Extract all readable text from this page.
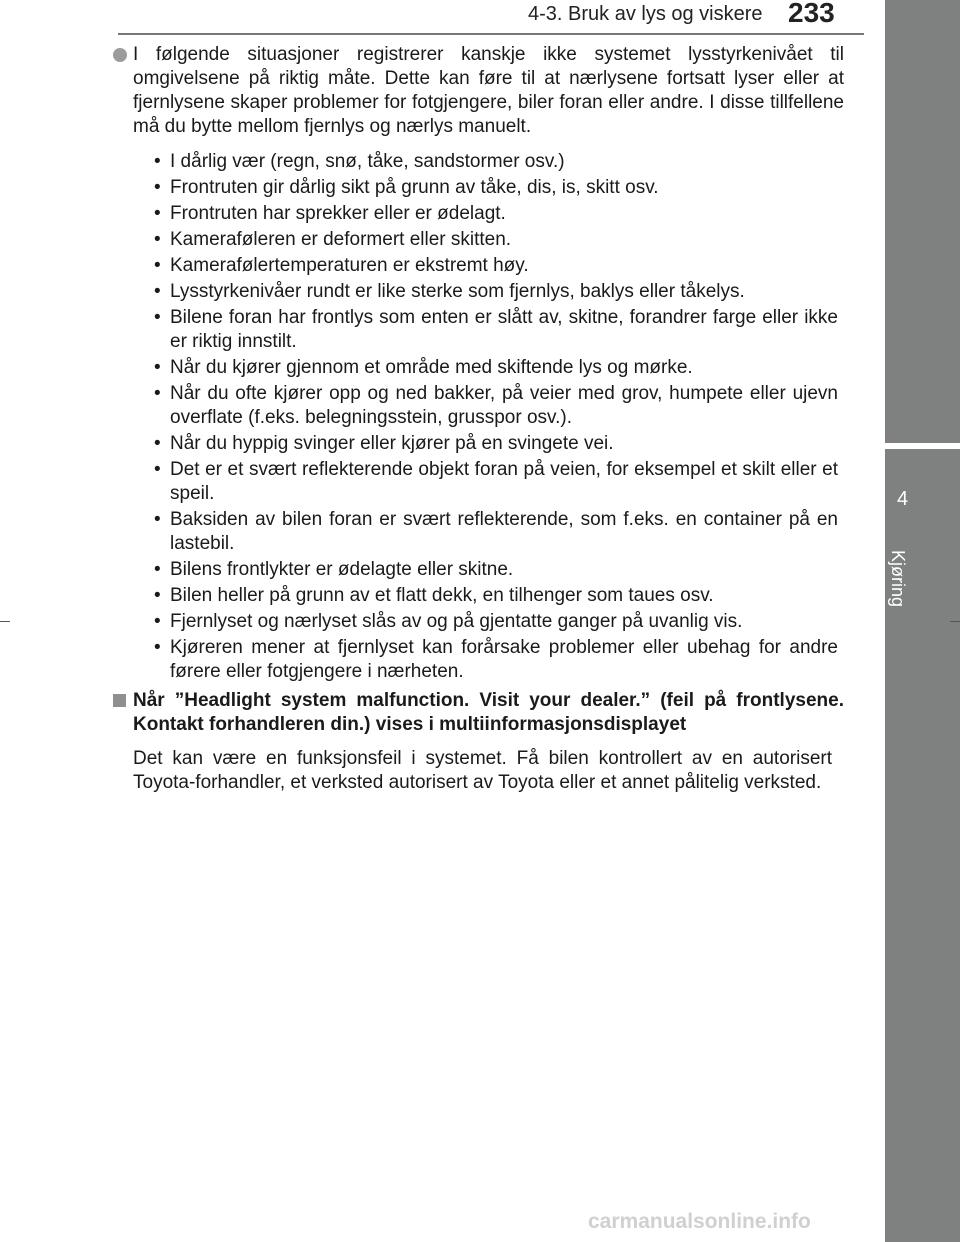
4-3. Bruk av lys og viskere 233
4
Kjøring
I følgende situasjoner registrerer kanskje ikke systemet lysstyrkenivået til omgivelsene på riktig måte. Dette kan føre til at nærlysene fortsatt lyser eller at fjernlysene skaper problemer for fotgjengere, biler foran eller andre. I disse tillfellene må du bytte mellom fjernlys og nærlys manuelt.
• I dårlig vær (regn, snø, tåke, sandstormer osv.)
• Frontruten gir dårlig sikt på grunn av tåke, dis, is, skitt osv.
• Frontruten har sprekker eller er ødelagt.
• Kameraføleren er deformert eller skitten.
• Kamerafølertemperaturen er ekstremt høy.
• Lysstyrkenivåer rundt er like sterke som fjernlys, baklys eller tåkelys.
• Bilene foran har frontlys som enten er slått av, skitne, forandrer farge eller ikke er riktig innstilt.
• Når du kjører gjennom et område med skiftende lys og mørke.
• Når du ofte kjører opp og ned bakker, på veier med grov, humpete eller ujevn overflate (f.eks. belegningsstein, grusspor osv.).
• Når du hyppig svinger eller kjører på en svingete vei.
• Det er et svært reflekterende objekt foran på veien, for eksempel et skilt eller et speil.
• Baksiden av bilen foran er svært reflekterende, som f.eks. en container på en lastebil.
• Bilens frontlykter er ødelagte eller skitne.
• Bilen heller på grunn av et flatt dekk, en tilhenger som taues osv.
• Fjernlyset og nærlyset slås av og på gjentatte ganger på uvanlig vis.
• Kjøreren mener at fjernlyset kan forårsake problemer eller ubehag for andre førere eller fotgjengere i nærheten.
Når ”Headlight system malfunction. Visit your dealer.” (feil på frontlysene. Kontakt forhandleren din.) vises i multiinformasjonsdisplayet
Det kan være en funksjonsfeil i systemet. Få bilen kontrollert av en autorisert Toyota-forhandler, et verksted autorisert av Toyota eller et annet pålitelig verksted.
carmanualsonline.info
